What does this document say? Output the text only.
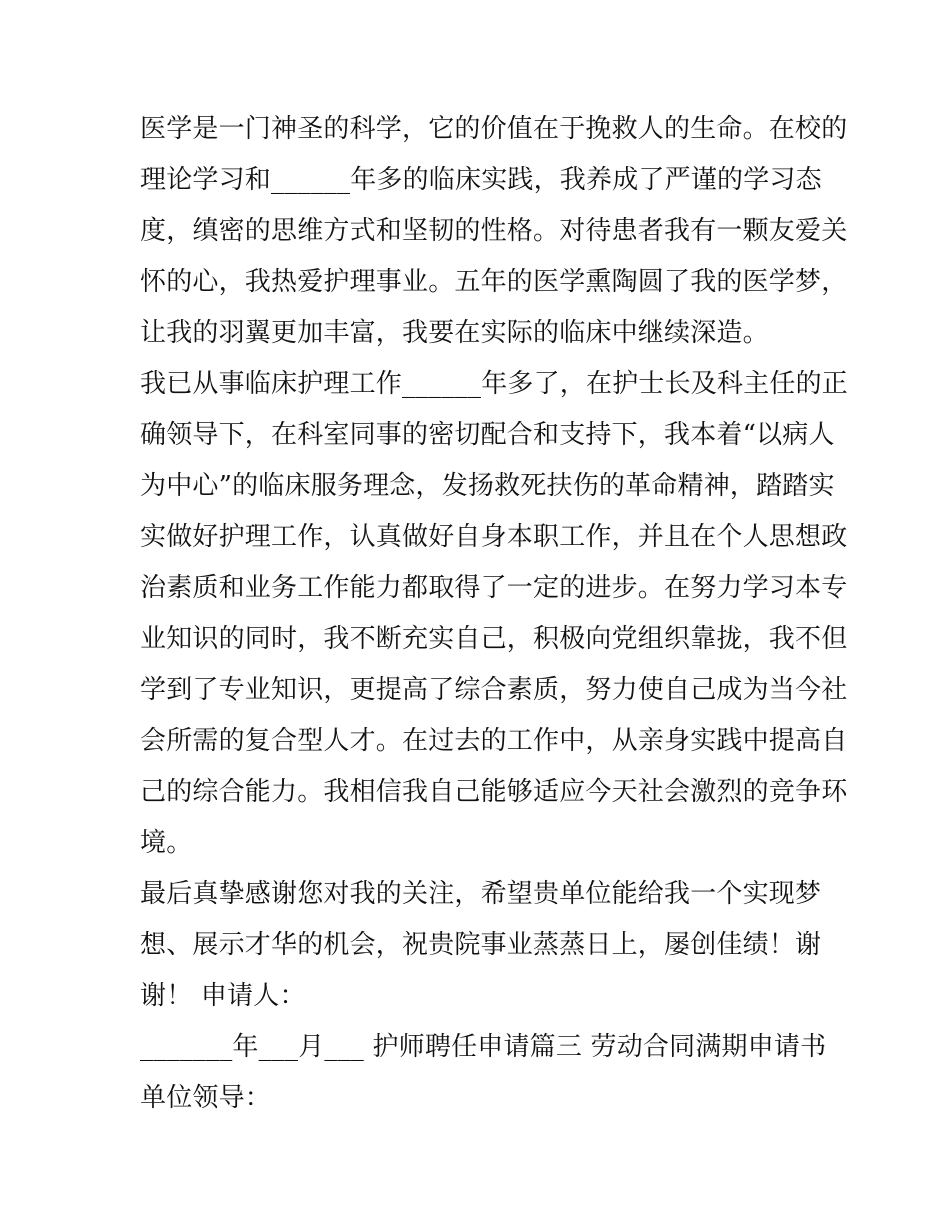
医学是一门神圣的科学，它的价值在于挽救人的生命。在校的
理论学习和______年多的临床实践，我养成了严谨的学习态
度，缜密的思维方式和坚韧的性格。对待患者我有一颗友爱关
怀的心，我热爱护理事业。五年的医学熏陶圆了我的医学梦，
让我的羽翼更加丰富，我要在实际的临床中继续深造。
我已从事临床护理工作______年多了，在护士长及科主任的正
确领导下，在科室同事的密切配合和支持下，我本着“以病人
为中心”的临床服务理念，发扬救死扶伤的革命精神，踏踏实
实做好护理工作，认真做好自身本职工作，并且在个人思想政
治素质和业务工作能力都取得了一定的进步。在努力学习本专
业知识的同时，我不断充实自己，积极向党组织靠拢，我不但
学到了专业知识，更提高了综合素质，努力使自己成为当今社
会所需的复合型人才。在过去的工作中，从亲身实践中提高自
己的综合能力。我相信我自己能够适应今天社会激烈的竞争环
境。
最后真挚感谢您对我的关注，希望贵单位能给我一个实现梦
想、展示才华的机会，祝贵院事业蒸蒸日上，屡创佳绩！谢
谢！ 申请人：
_______年___月___ 护师聘任申请篇三 劳动合同满期申请书
单位领导：
